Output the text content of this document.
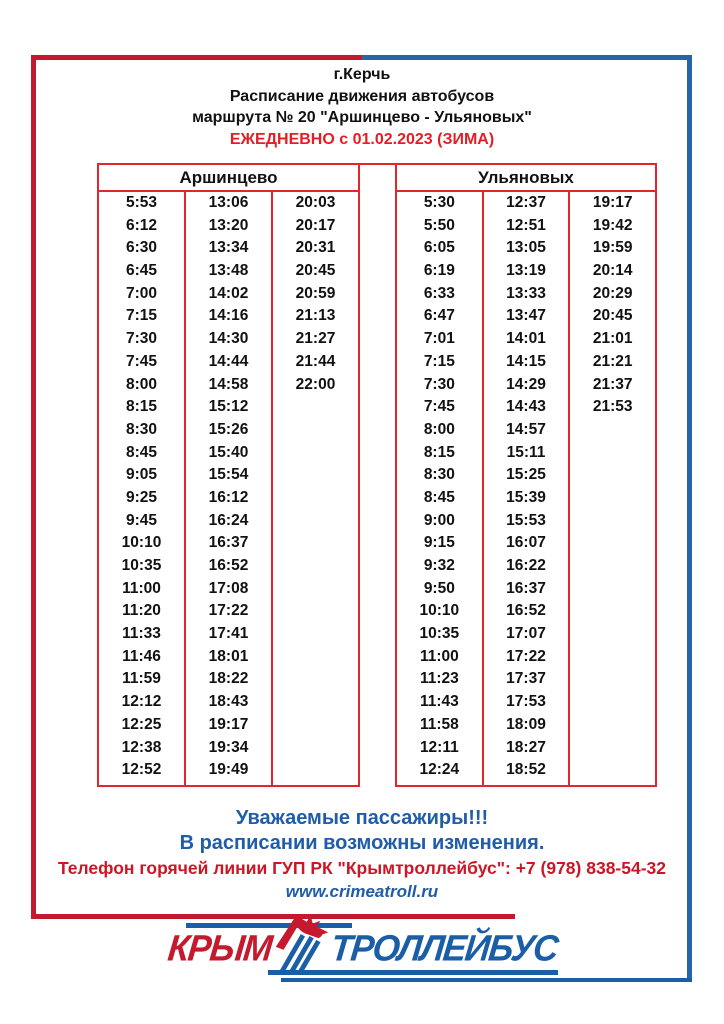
г.Керчь
Расписание движения автобусов
маршрута № 20 "Аршинцево - Ульяновых"
ЕЖЕДНЕВНО с 01.02.2023 (ЗИМА)
Аршинцево
5:53
6:12
6:30
6:45
7:00
7:15
7:30
7:45
8:00
8:15
8:30
8:45
9:05
9:25
9:45
10:10
10:35
11:00
11:20
11:33
11:46
11:59
12:12
12:25
12:38
12:52
13:06
13:20
13:34
13:48
14:02
14:16
14:30
14:44
14:58
15:12
15:26
15:40
15:54
16:12
16:24
16:37
16:52
17:08
17:22
17:41
18:01
18:22
18:43
19:17
19:34
19:49
20:03
20:17
20:31
20:45
20:59
21:13
21:27
21:44
22:00
Ульяновых
5:30
5:50
6:05
6:19
6:33
6:47
7:01
7:15
7:30
7:45
8:00
8:15
8:30
8:45
9:00
9:15
9:32
9:50
10:10
10:35
11:00
11:23
11:43
11:58
12:11
12:24
12:37
12:51
13:05
13:19
13:33
13:47
14:01
14:15
14:29
14:43
14:57
15:11
15:25
15:39
15:53
16:07
16:22
16:37
16:52
17:07
17:22
17:37
17:53
18:09
18:27
18:52
19:17
19:42
19:59
20:14
20:29
20:45
21:01
21:21
21:37
21:53
Уважаемые пассажиры!!!
В расписании возможны изменения.
Телефон горячей линии ГУП РК "Крымтроллейбус": +7 (978) 838-54-32
www.crimeatroll.ru
КРЫМ ТРОЛЛЕЙБУС
